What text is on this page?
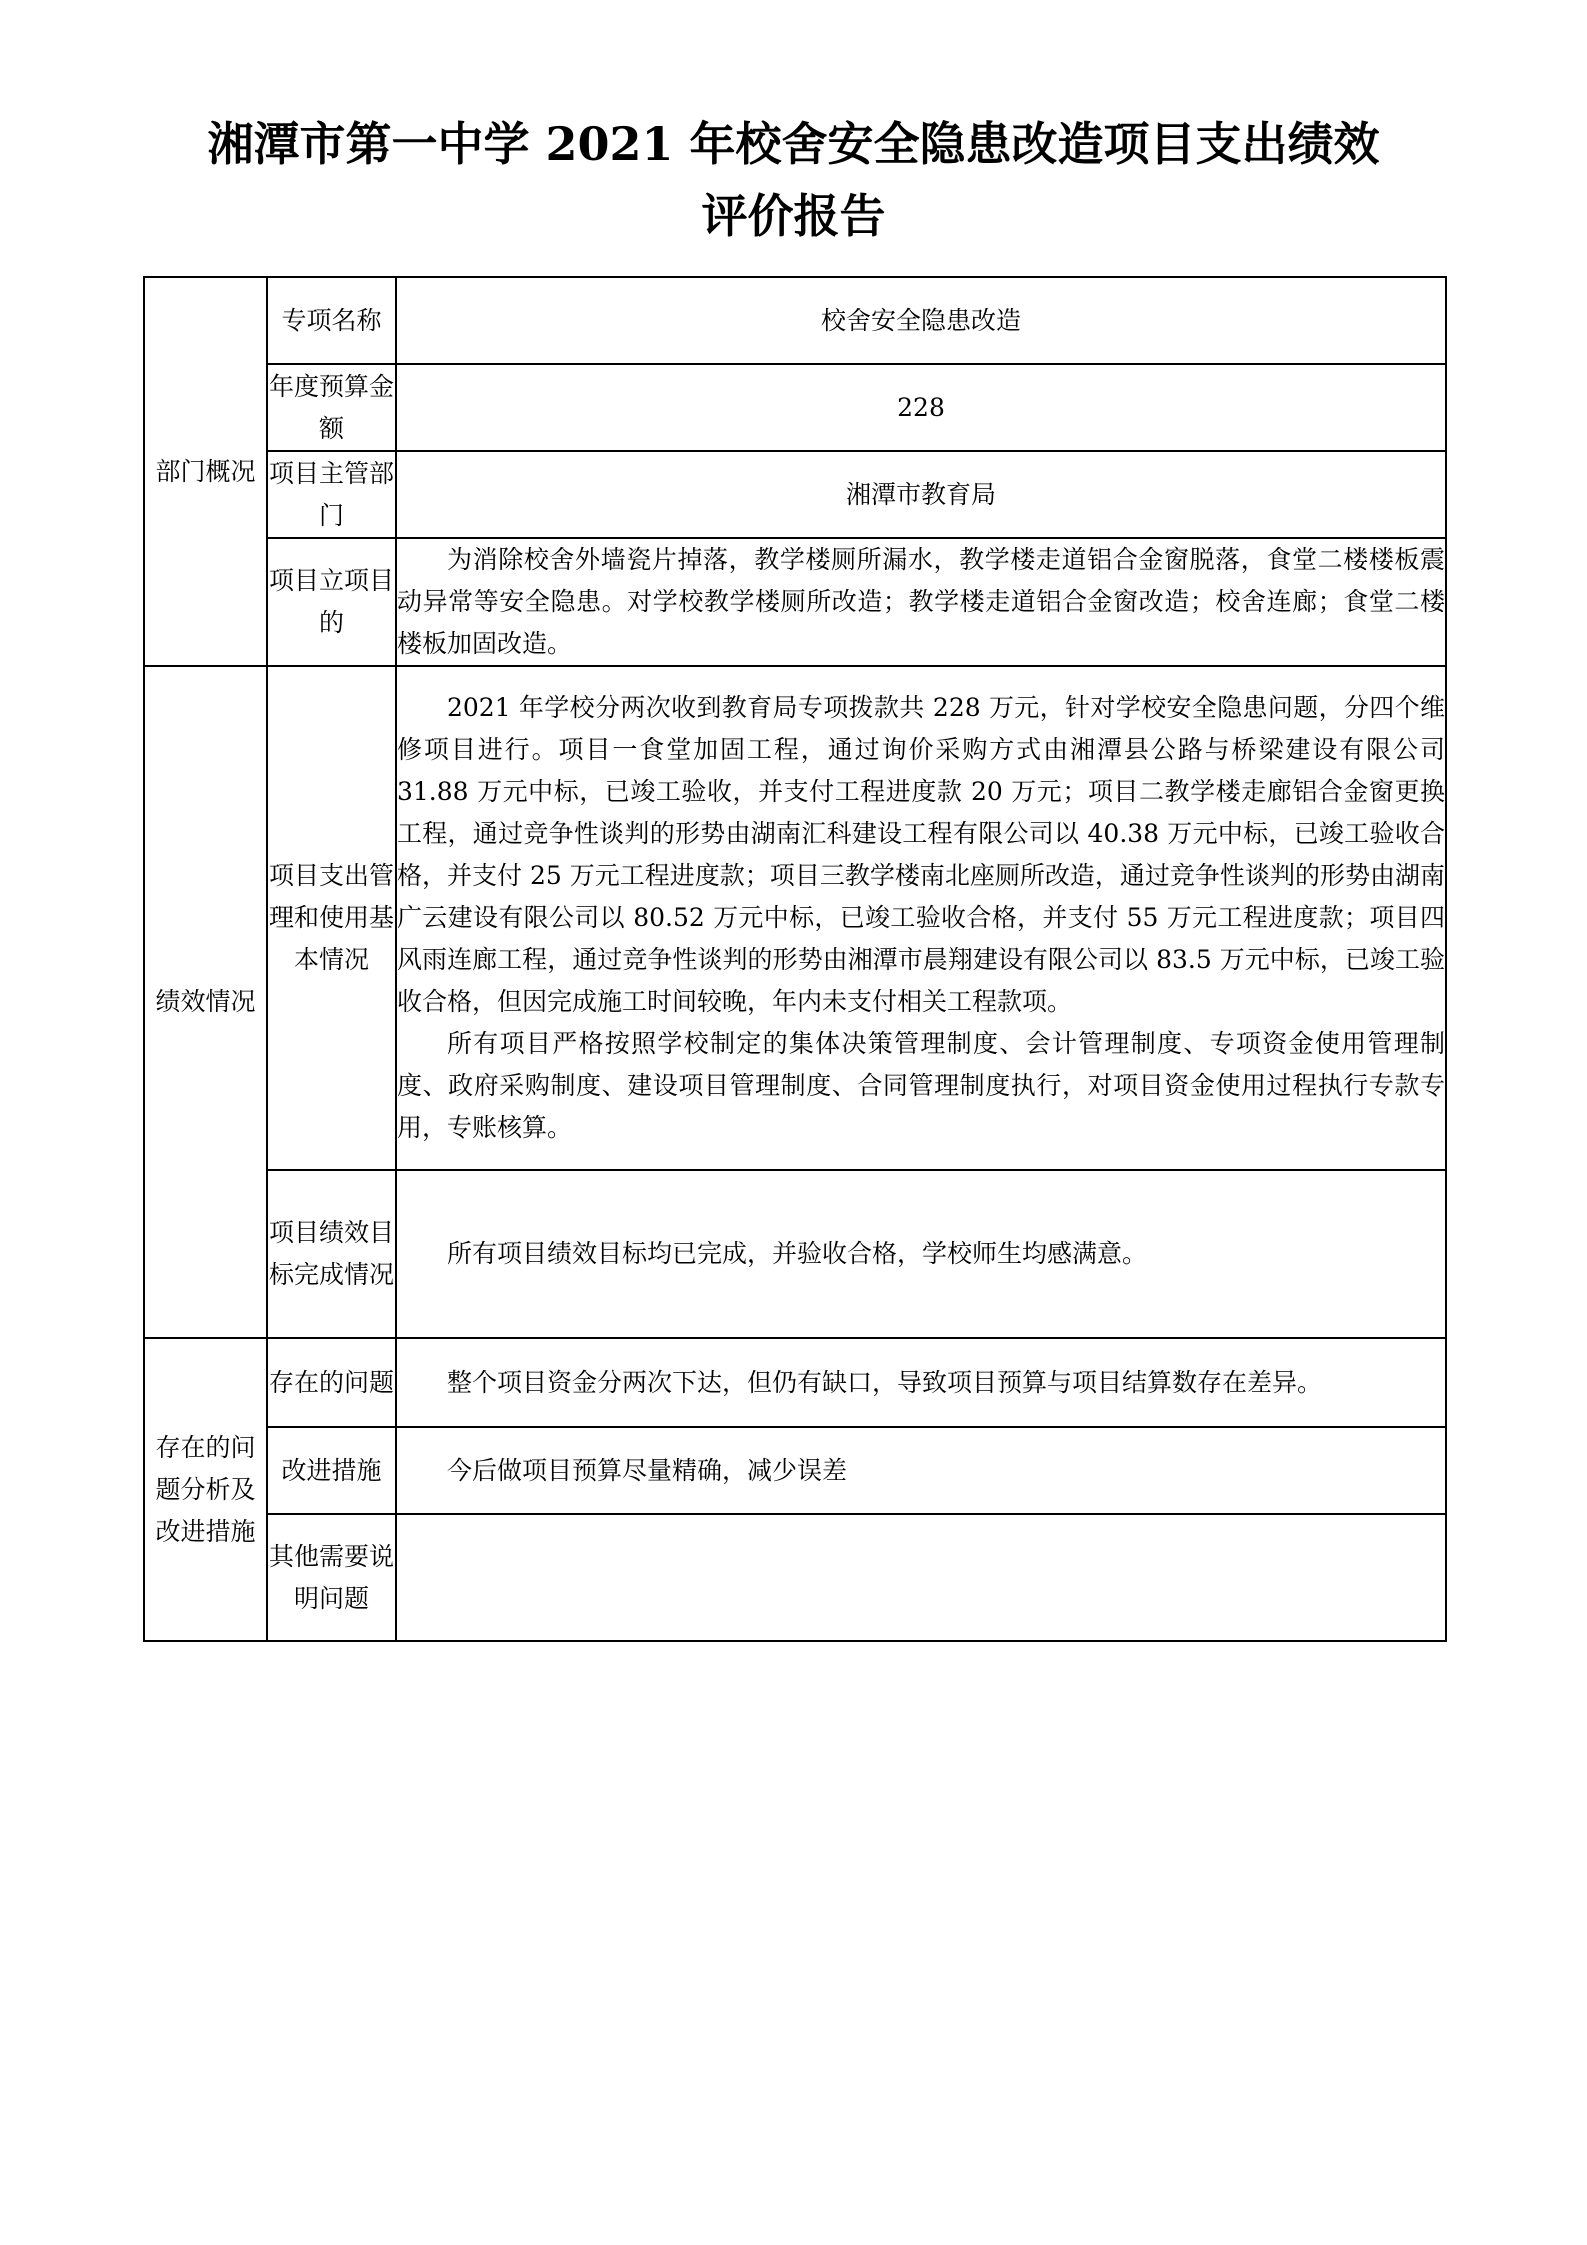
湘潭市第一中学 2021 年校舍安全隐患改造项目支出绩效
评价报告
部门概况	专项名称	校舍安全隐患改造
	年度预算金额	228
	项目主管部门	湘潭市教育局
	项目立项目的	为消除校舍外墙瓷片掉落，教学楼厕所漏水，教学楼走道铝合金窗脱落，食堂二楼楼板震动异常等安全隐患。对学校教学楼厕所改造；教学楼走道铝合金窗改造；校舍连廊；食堂二楼楼板加固改造。

绩效情况	项目支出管理和使用基本情况	2021 年学校分两次收到教育局专项拨款共 228 万元，针对学校安全隐患问题，分四个维修项目进行。项目一食堂加固工程，通过询价采购方式由湘潭县公路与桥梁建设有限公司 31.88 万元中标，已竣工验收，并支付工程进度款 20 万元；项目二教学楼走廊铝合金窗更换工程，通过竞争性谈判的形势由湖南汇科建设工程有限公司以 40.38 万元中标，已竣工验收合格，并支付 25 万元工程进度款；项目三教学楼南北座厕所改造，通过竞争性谈判的形势由湖南广云建设有限公司以 80.52 万元中标，已竣工验收合格，并支付 55 万元工程进度款；项目四风雨连廊工程，通过竞争性谈判的形势由湘潭市晨翔建设有限公司以 83.5 万元中标，已竣工验收合格，但因完成施工时间较晚，年内未支付相关工程款项。

所有项目严格按照学校制定的集体决策管理制度、会计管理制度、专项资金使用管理制度、政府采购制度、建设项目管理制度、合同管理制度执行，对项目资金使用过程执行专款专用，专账核算。

	项目绩效目标完成情况	所有项目绩效目标均已完成，并验收合格，学校师生均感满意。

存在的问题分析及改进措施	存在的问题	整个项目资金分两次下达，但仍有缺口，导致项目预算与项目结算数存在差异。

	改进措施	今后做项目预算尽量精确，减少误差

	其他需要说明问题	
